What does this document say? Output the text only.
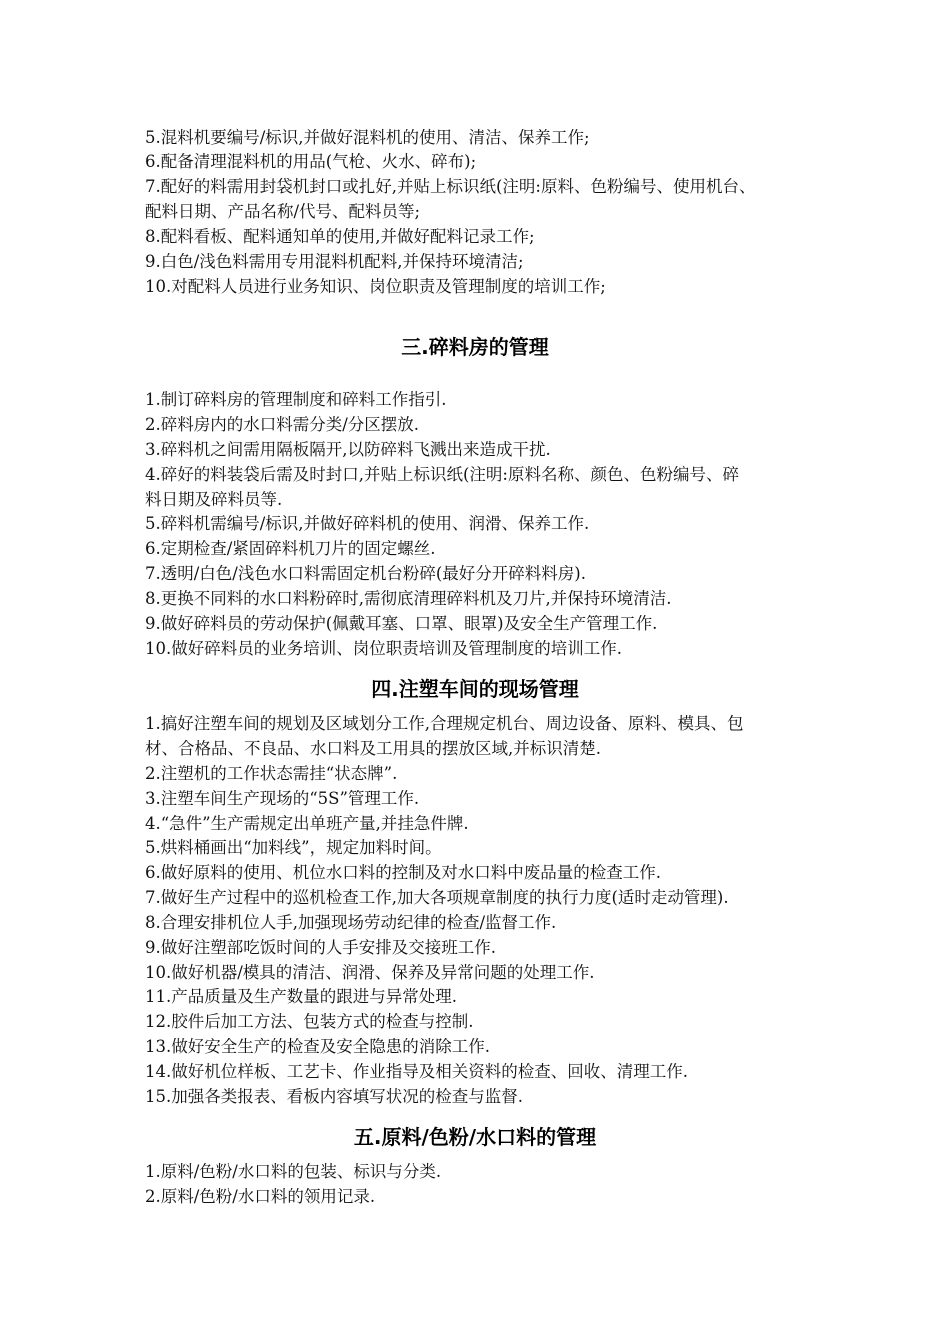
5.混料机要编号/标识,并做好混料机的使用、清洁、保养工作;
6.配备清理混料机的用品(气枪、火水、碎布);
7.配好的料需用封袋机封口或扎好,并贴上标识纸(注明:原料、色粉编号、使用机台、
配料日期、产品名称/代号、配料员等;
8.配料看板、配料通知单的使用,并做好配料记录工作;
9.白色/浅色料需用专用混料机配料,并保持环境清洁;
10.对配料人员进行业务知识、岗位职责及管理制度的培训工作;
三.碎料房的管理
1.制订碎料房的管理制度和碎料工作指引.
2.碎料房内的水口料需分类/分区摆放.
3.碎料机之间需用隔板隔开,以防碎料飞溅出来造成干扰.
4.碎好的料装袋后需及时封口,并贴上标识纸(注明:原料名称、颜色、色粉编号、碎
料日期及碎料员等.
5.碎料机需编号/标识,并做好碎料机的使用、润滑、保养工作.
6.定期检查/紧固碎料机刀片的固定螺丝.
7.透明/白色/浅色水口料需固定机台粉碎(最好分开碎料料房).
8.更换不同料的水口料粉碎时,需彻底清理碎料机及刀片,并保持环境清洁.
9.做好碎料员的劳动保护(佩戴耳塞、口罩、眼罩)及安全生产管理工作.
10.做好碎料员的业务培训、岗位职责培训及管理制度的培训工作.
四.注塑车间的现场管理
1.搞好注塑车间的规划及区域划分工作,合理规定机台、周边设备、原料、模具、包
材、合格品、不良品、水口料及工用具的摆放区域,并标识清楚.
2.注塑机的工作状态需挂“状态牌”.
3.注塑车间生产现场的“5S”管理工作.
4.“急件”生产需规定出单班产量,并挂急件牌.
5.烘料桶画出“加料线”，规定加料时间。
6.做好原料的使用、机位水口料的控制及对水口料中废品量的检查工作.
7.做好生产过程中的巡机检查工作,加大各项规章制度的执行力度(适时走动管理).
8.合理安排机位人手,加强现场劳动纪律的检查/监督工作.
9.做好注塑部吃饭时间的人手安排及交接班工作.
10.做好机器/模具的清洁、润滑、保养及异常问题的处理工作.
11.产品质量及生产数量的跟进与异常处理.
12.胶件后加工方法、包装方式的检查与控制.
13.做好安全生产的检查及安全隐患的消除工作.
14.做好机位样板、工艺卡、作业指导及相关资料的检查、回收、清理工作.
15.加强各类报表、看板内容填写状况的检查与监督.
五.原料/色粉/水口料的管理
1.原料/色粉/水口料的包装、标识与分类.
2.原料/色粉/水口料的领用记录.
